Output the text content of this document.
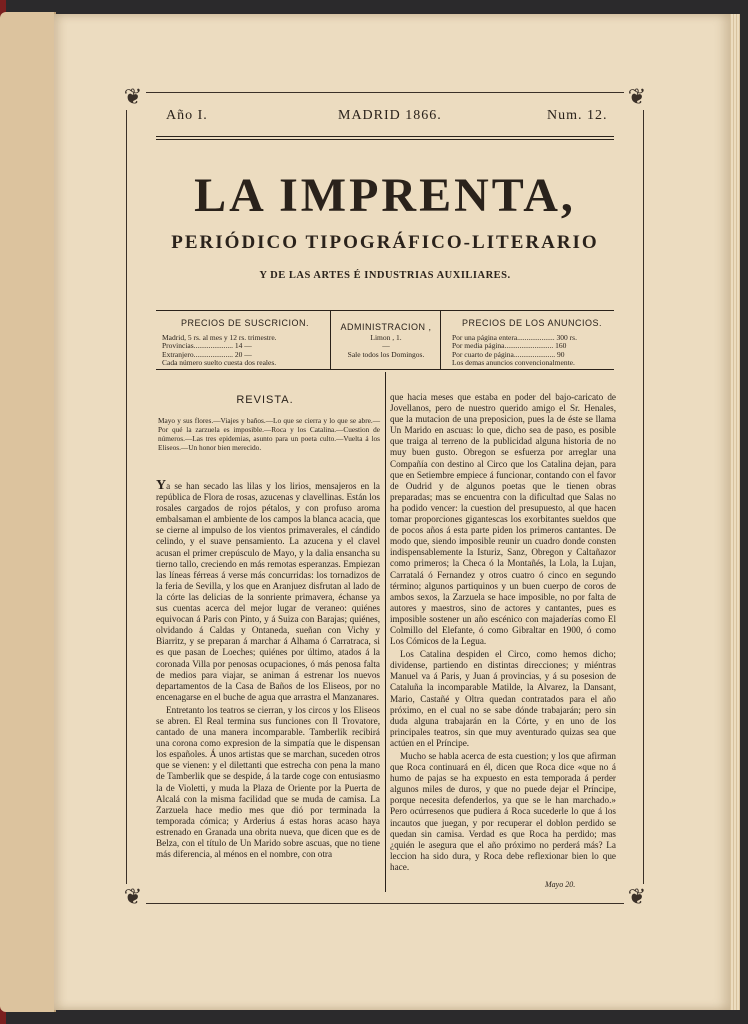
❦	❦
❦	❦
Año I.	MADRID 1866.	Num. 12.
LA IMPRENTA,
PERIÓDICO TIPOGRÁFICO-LITERARIO
Y DE LAS ARTES É INDUSTRIAS AUXILIARES.
PRECIOS DE SUSCRICION.
Madrid, 5 rs. al mes y 12 rs. trimestre.
Provincias..................... 14 —
Extranjero..................... 20 —
Cada número suelto cuesta dos reales.
ADMINISTRACION ,
Limon , 1.
—
Sale todos los Domingos.
PRECIOS DE LOS ANUNCIOS.
Por una página entera.................... 300 rs.
Por media página.......................... 160
Por cuarto de página...................... 90
Los demas anuncios convencionalmente.
REVISTA.
Mayo y sus flores.—Viajes y baños.—Lo que se cierra y lo que se abre.—Por qué la zarzuela es imposible.—Roca y los Catalina.—Cuestion de números.—Las tres epidemias, asunto para un poeta culto.—Vuelta á los Eliseos.—Un honor bien merecido.

Ya se han secado las lilas y los lirios, mensajeros en la república de Flora de rosas, azucenas y clavellinas. Están los rosales cargados de rojos pétalos, y con profuso aroma embalsaman el ambiente de los campos la blanca acacia, que se cierne al impulso de los vientos primaverales, el cándido celindo, y el suave pensamiento. La azucena y el clavel acusan el primer crepúsculo de Mayo, y la dalia ensancha su tierno tallo, creciendo en más remotas esperanzas. Empiezan las líneas férreas á verse más concurridas: los tornadizos de la feria de Sevilla, y los que en Aranjuez disfrutan al lado de la córte las delicias de la sonriente primavera, échanse ya sus cuentas acerca del mejor lugar de veraneo: quiénes equivocan á Paris con Pinto, y á Suiza con Barajas; quiénes, olvidando á Caldas y Ontaneda, sueñan con Vichy y Biarritz, y se preparan á marchar á Alhama ó Carratraca, si es que pasan de Loeches; quiénes por último, atados á la coronada Villa por penosas ocupaciones, ó más penosa falta de medios para viajar, se animan á estrenar los nuevos departamentos de la Casa de Baños de los Eliseos, por no encenagarse en el buche de agua que arrastra el Manzanares.

Entretanto los teatros se cierran, y los circos y los Eliseos se abren. El Real termina sus funciones con Il Trovatore, cantado de una manera incomparable. Tamberlik recibirá una corona como expresion de la simpatía que le dispensan los españoles. Á unos artistas que se marchan, suceden otros que se vienen: y el dilettanti que estrecha con pena la mano de Tamberlik que se despide, á la tarde coge con entusiasmo la de Violetti, y muda la Plaza de Oriente por la Puerta de Alcalá con la misma facilidad que se muda de camisa. La Zarzuela hace medio mes que dió por terminada la temporada cómica; y Arderius á estas horas acaso haya estrenado en Granada una obrita nueva, que dicen que es de Belza, con el título de Un Marido sobre ascuas, que no tiene más diferencia, al ménos en el nombre, con otra

que hacia meses que estaba en poder del bajo-caricato de Jovellanos, pero de nuestro querido amigo el Sr. Henales, que la mutacion de una preposicion, pues la de éste se llama Un Marido en ascuas: lo que, dicho sea de paso, es posible que traiga al terreno de la publicidad alguna historia de no muy buen gusto. Obregon se esfuerza por arreglar una Compañía con destino al Circo que los Catalina dejan, para que en Setiembre empiece á funcionar, contando con el favor de Oudrid y de algunos poetas que le tienen obras preparadas; mas se encuentra con la dificultad que Salas no ha podido vencer: la cuestion del presupuesto, al que hacen tomar proporciones gigantescas los exorbitantes sueldos que de pocos años á esta parte piden los primeros cantantes. De modo que, siendo imposible reunir un cuadro donde consten indispensablemente la Isturiz, Sanz, Obregon y Caltañazor como primeros; la Checa ó la Montañés, la Lola, la Lujan, Carratalá ó Fernandez y otros cuatro ó cinco en segundo término; algunos partiquinos y un buen cuerpo de coros de ambos sexos, la Zarzuela se hace imposible, no por falta de autores y maestros, sino de actores y cantantes, pues es imposible sostener un año escénico con majaderías como El Colmillo del Elefante, ó como Gibraltar en 1900, ó como Los Cómicos de la Legua.

Los Catalina despiden el Circo, como hemos dicho; dividense, partiendo en distintas direcciones; y miéntras Manuel va á Paris, y Juan á provincias, y á su posesion de Cataluña la incomparable Matilde, la Alvarez, la Dansant, Mario, Castañé y Oltra quedan contratados para el año próximo, en el cual no se sabe dónde trabajarán; pero sin duda alguna trabajarán en la Córte, y en uno de los principales teatros, sin que muy aventurado quizas sea que actúen en el Príncipe.

Mucho se habla acerca de esta cuestion; y los que afirman que Roca continuará en él, dicen que Roca dice «que no á humo de pajas se ha expuesto en esta temporada á perder algunos miles de duros, y que no puede dejar el Príncipe, porque necesita defenderlos, ya que se le han marchado.» Pero ocúrresenos que pudiera á Roca sucederle lo que á los incautos que juegan, y por recuperar el doblon perdido se quedan sin camisa. Verdad es que Roca ha perdido; mas ¿quién le asegura que el año próximo no perderá más? La leccion ha sido dura, y Roca debe reflexionar bien lo que hace.

Mayo 20.
